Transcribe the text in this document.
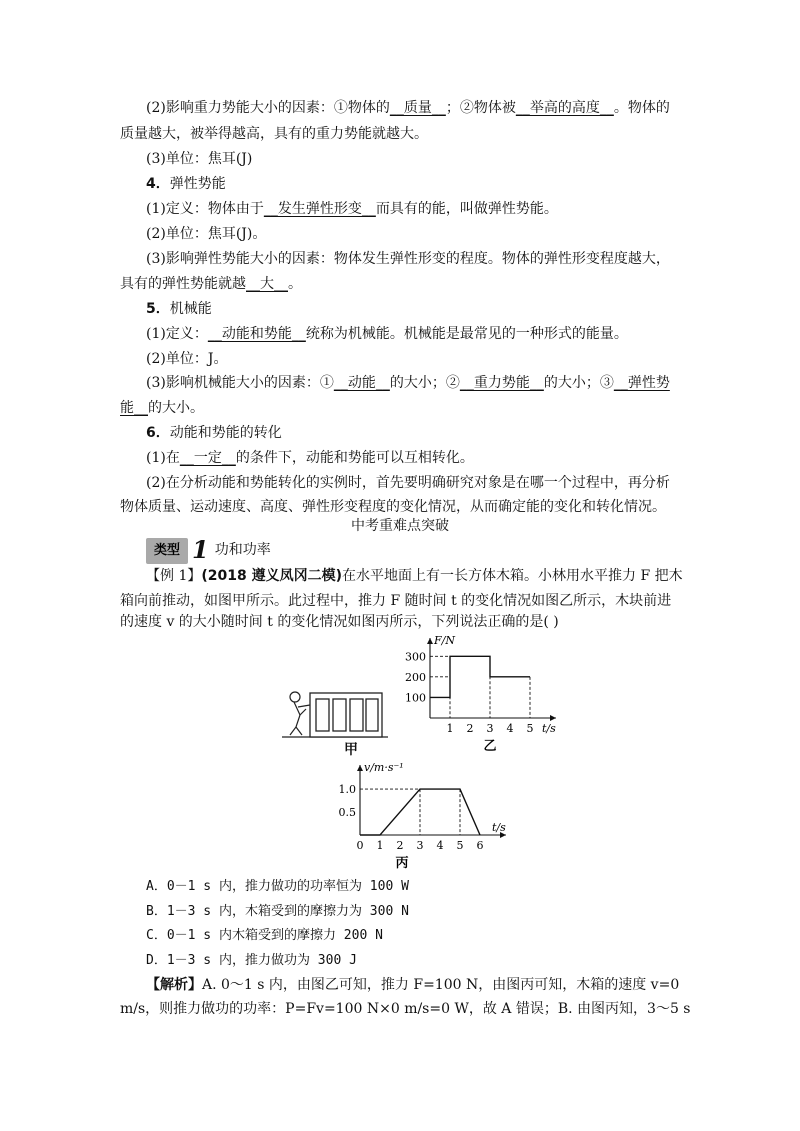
(2)影响重力势能大小的因素：①物体的__质量__；②物体被__举高的高度__。物体的
质量越大，被举得越高，具有的重力势能就越大。
(3)单位：焦耳(J)
4．弹性势能
(1)定义：物体由于__发生弹性形变__而具有的能，叫做弹性势能。
(2)单位：焦耳(J)。
(3)影响弹性势能大小的因素：物体发生弹性形变的程度。物体的弹性形变程度越大，
具有的弹性势能就越__大__。
5．机械能
(1)定义：__动能和势能__统称为机械能。机械能是最常见的一种形式的能量。
(2)单位：J。
(3)影响机械能大小的因素：①__动能__的大小；②__重力势能__的大小；③__弹性势
能__的大小。
6．动能和势能的转化
(1)在__一定__的条件下，动能和势能可以互相转化。
(2)在分析动能和势能转化的实例时，首先要明确研究对象是在哪一个过程中，再分析
物体质量、运动速度、高度、弹性形变程度的变化情况，从而确定能的变化和转化情况。
中考重难点突破
类型 1 功和功率
【例 1】(2018 遵义凤冈二模)在水平地面上有一长方体木箱。小林用水平推力 F 把木
箱向前推动，如图甲所示。此过程中，推力 F 随时间 t 的变化情况如图乙所示，木块前进
的速度 v 的大小随时间 t 的变化情况如图丙所示，下列说法正确的是( )
甲
F/N
t/s
1 2 3 4 5
100
200
300
乙
v/m·s⁻¹
t/s
0 1 2 3 4 5 6
0.5
1.0
丙
A．0－1 s 内，推力做功的功率恒为 100 W
B．1－3 s 内，木箱受到的摩擦力为 300 N
C．0－1 s 内木箱受到的摩擦力 200 N
D．1－3 s 内，推力做功为 300 J
【解析】A. 0～1 s 内，由图乙可知，推力 F=100 N，由图丙可知，木箱的速度 v=0
m/s，则推力做功的功率：P=Fv=100 N×0 m/s=0 W，故 A 错误；B. 由图丙知，3～5 s
